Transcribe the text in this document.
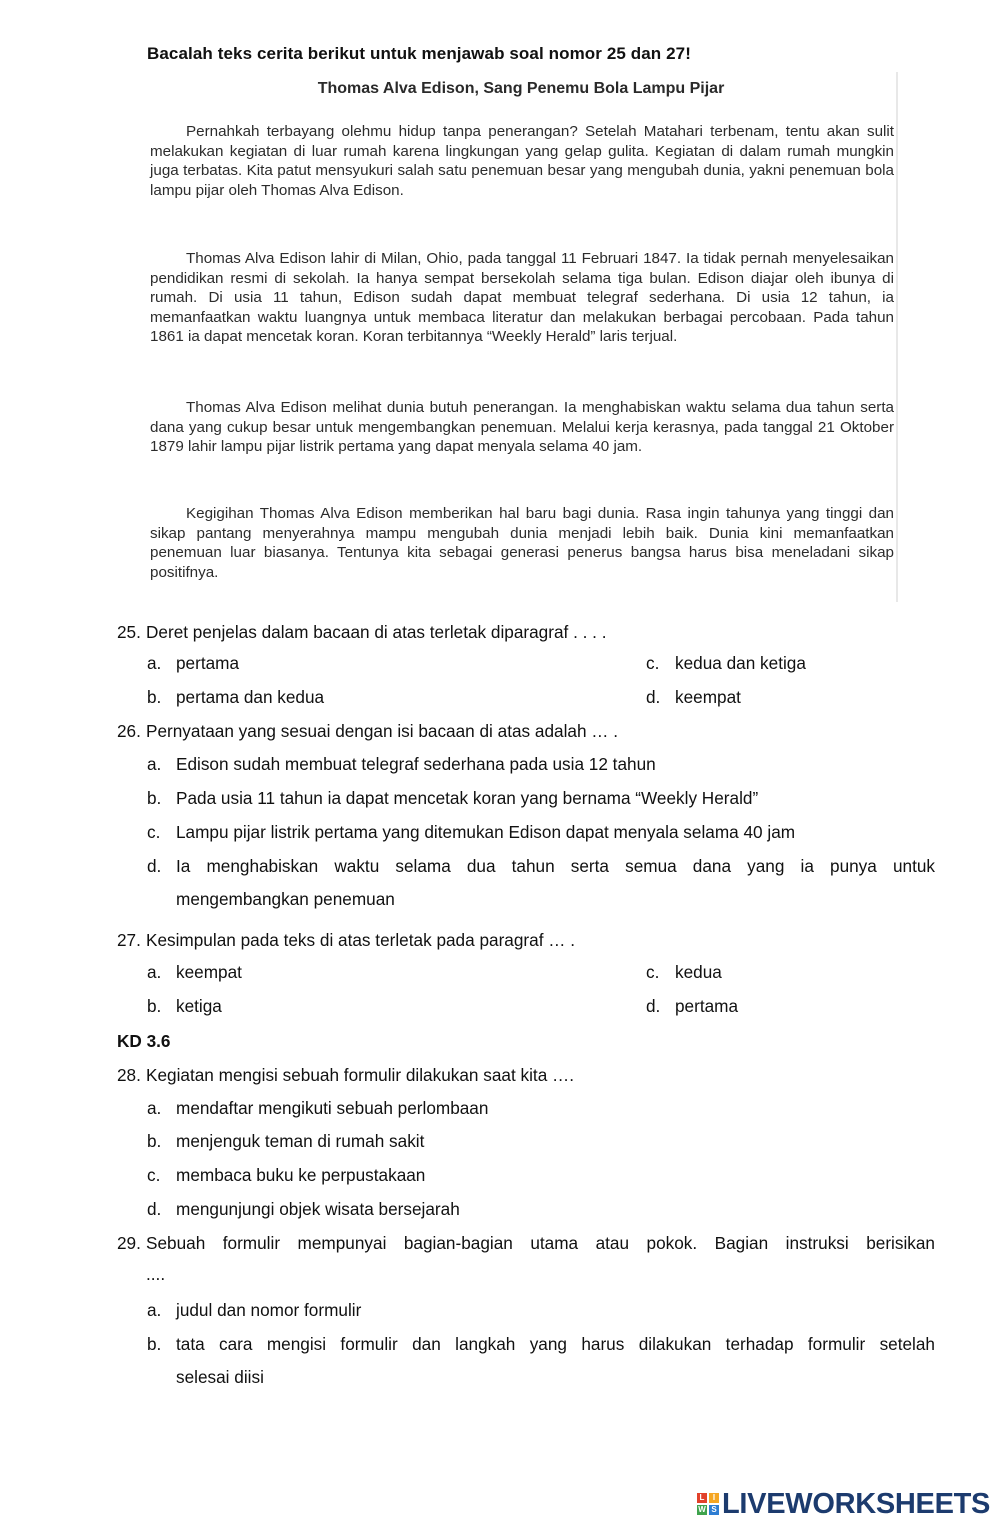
Bacalah teks cerita berikut untuk menjawab soal nomor 25 dan 27!
Thomas Alva Edison, Sang Penemu Bola Lampu Pijar
Pernahkah terbayang olehmu hidup tanpa penerangan? Setelah Matahari terbenam, tentu akan sulit melakukan kegiatan di luar rumah karena lingkungan yang gelap gulita. Kegiatan di dalam rumah mungkin juga terbatas. Kita patut mensyukuri salah satu penemuan besar yang mengubah dunia, yakni penemuan bola lampu pijar oleh Thomas Alva Edison.
Thomas Alva Edison lahir di Milan, Ohio, pada tanggal 11 Februari 1847. Ia tidak pernah menyelesaikan pendidikan resmi di sekolah. Ia hanya sempat bersekolah selama tiga bulan. Edison diajar oleh ibunya di rumah. Di usia 11 tahun, Edison sudah dapat membuat telegraf sederhana. Di usia 12 tahun, ia memanfaatkan waktu luangnya untuk membaca literatur dan melakukan berbagai percobaan. Pada tahun 1861 ia dapat mencetak koran. Koran terbitannya “Weekly Herald” laris terjual.
Thomas Alva Edison melihat dunia butuh penerangan. Ia menghabiskan waktu selama dua tahun serta dana yang cukup besar untuk mengembangkan penemuan. Melalui kerja kerasnya, pada tanggal 21 Oktober 1879 lahir lampu pijar listrik pertama yang dapat menyala selama 40 jam.
Kegigihan Thomas Alva Edison memberikan hal baru bagi dunia. Rasa ingin tahunya yang tinggi dan sikap pantang menyerahnya mampu mengubah dunia menjadi lebih baik. Dunia kini memanfaatkan penemuan luar biasanya. Tentunya kita sebagai generasi penerus bangsa harus bisa meneladani sikap positifnya.
25. Deret penjelas dalam bacaan di atas terletak diparagraf . . . .
a. pertama	c. kedua dan ketiga
b. pertama dan kedua	d. keempat
26. Pernyataan yang sesuai dengan isi bacaan di atas adalah … .
a. Edison sudah membuat telegraf sederhana pada usia 12 tahun
b. Pada usia 11 tahun ia dapat mencetak koran yang bernama “Weekly Herald”
c. Lampu pijar listrik pertama yang ditemukan Edison dapat menyala selama 40 jam
d. Ia menghabiskan waktu selama dua tahun serta semua dana yang ia punya untuk
mengembangkan penemuan
27. Kesimpulan pada teks di atas terletak pada paragraf … .
a. keempat	c. kedua
b. ketiga	d. pertama
KD 3.6
28. Kegiatan mengisi sebuah formulir dilakukan saat kita ….
a. mendaftar mengikuti sebuah perlombaan
b. menjenguk teman di rumah sakit
c. membaca buku ke perpustakaan
d. mengunjungi objek wisata bersejarah
29. Sebuah formulir mempunyai bagian-bagian utama atau pokok. Bagian instruksi berisikan
....
a. judul dan nomor formulir
b. tata cara mengisi formulir dan langkah yang harus dilakukan terhadap formulir setelah
selesai diisi
L	I
W S LIVEWORKSHEETS
